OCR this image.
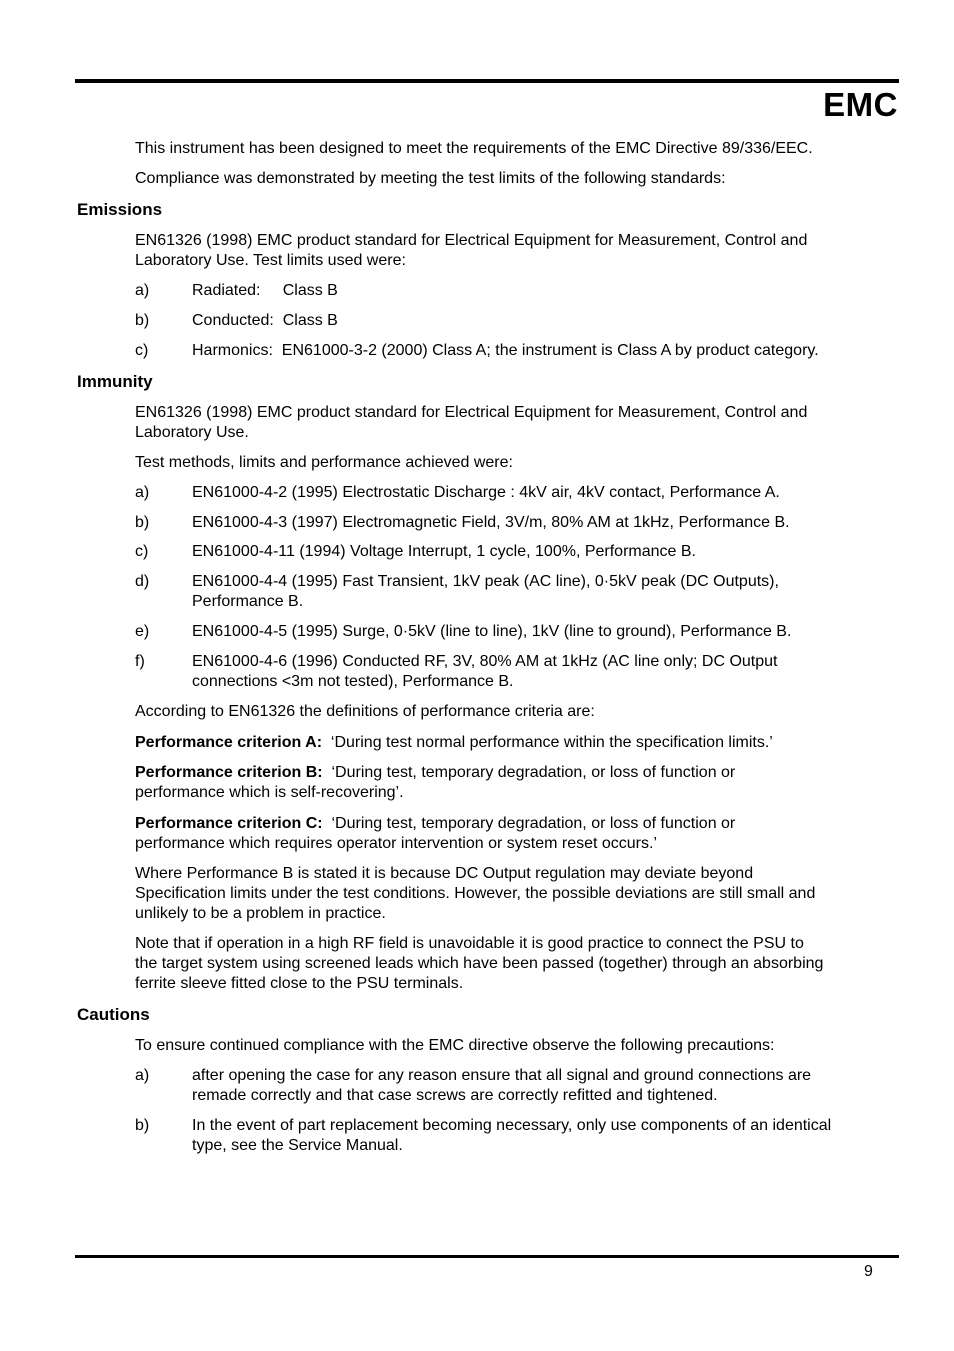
EMC
This instrument has been designed to meet the requirements of the EMC Directive 89/336/EEC.
Compliance was demonstrated by meeting the test limits of the following standards:
Emissions
EN61326 (1998) EMC product standard for Electrical Equipment for Measurement, Control and
Laboratory Use. Test limits used were:
a)	Radiated:     Class B
b)	Conducted:  Class B
c)	Harmonics:  EN61000-3-2 (2000) Class A; the instrument is Class A by product category.
Immunity
EN61326 (1998) EMC product standard for Electrical Equipment for Measurement, Control and
Laboratory Use.
Test methods, limits and performance achieved were:
a)	EN61000-4-2 (1995) Electrostatic Discharge : 4kV air, 4kV contact, Performance A.
b)	EN61000-4-3 (1997) Electromagnetic Field, 3V/m, 80% AM at 1kHz, Performance B.
c)	EN61000-4-11 (1994) Voltage Interrupt, 1 cycle, 100%, Performance B.
d)	EN61000-4-4 (1995) Fast Transient, 1kV peak (AC line), 0·5kV peak (DC Outputs),
Performance B.
e)	EN61000-4-5 (1995) Surge, 0·5kV (line to line), 1kV (line to ground), Performance B.
f)	EN61000-4-6 (1996) Conducted RF, 3V, 80% AM at 1kHz (AC line only; DC Output
connections <3m not tested), Performance B.
According to EN61326 the definitions of performance criteria are:
Performance criterion A: ‘During test normal performance within the specification limits.’
Performance criterion B: ‘During test, temporary degradation, or loss of function or
performance which is self-recovering’.
Performance criterion C: ‘During test, temporary degradation, or loss of function or
performance which requires operator intervention or system reset occurs.’
Where Performance B is stated it is because DC Output regulation may deviate beyond
Specification limits under the test conditions. However, the possible deviations are still small and
unlikely to be a problem in practice.
Note that if operation in a high RF field is unavoidable it is good practice to connect the PSU to
the target system using screened leads which have been passed (together) through an absorbing
ferrite sleeve fitted close to the PSU terminals.
Cautions
To ensure continued compliance with the EMC directive observe the following precautions:
a)	after opening the case for any reason ensure that all signal and ground connections are
remade correctly and that case screws are correctly refitted and tightened.
b)	In the event of part replacement becoming necessary, only use components of an identical
type, see the Service Manual.
9
